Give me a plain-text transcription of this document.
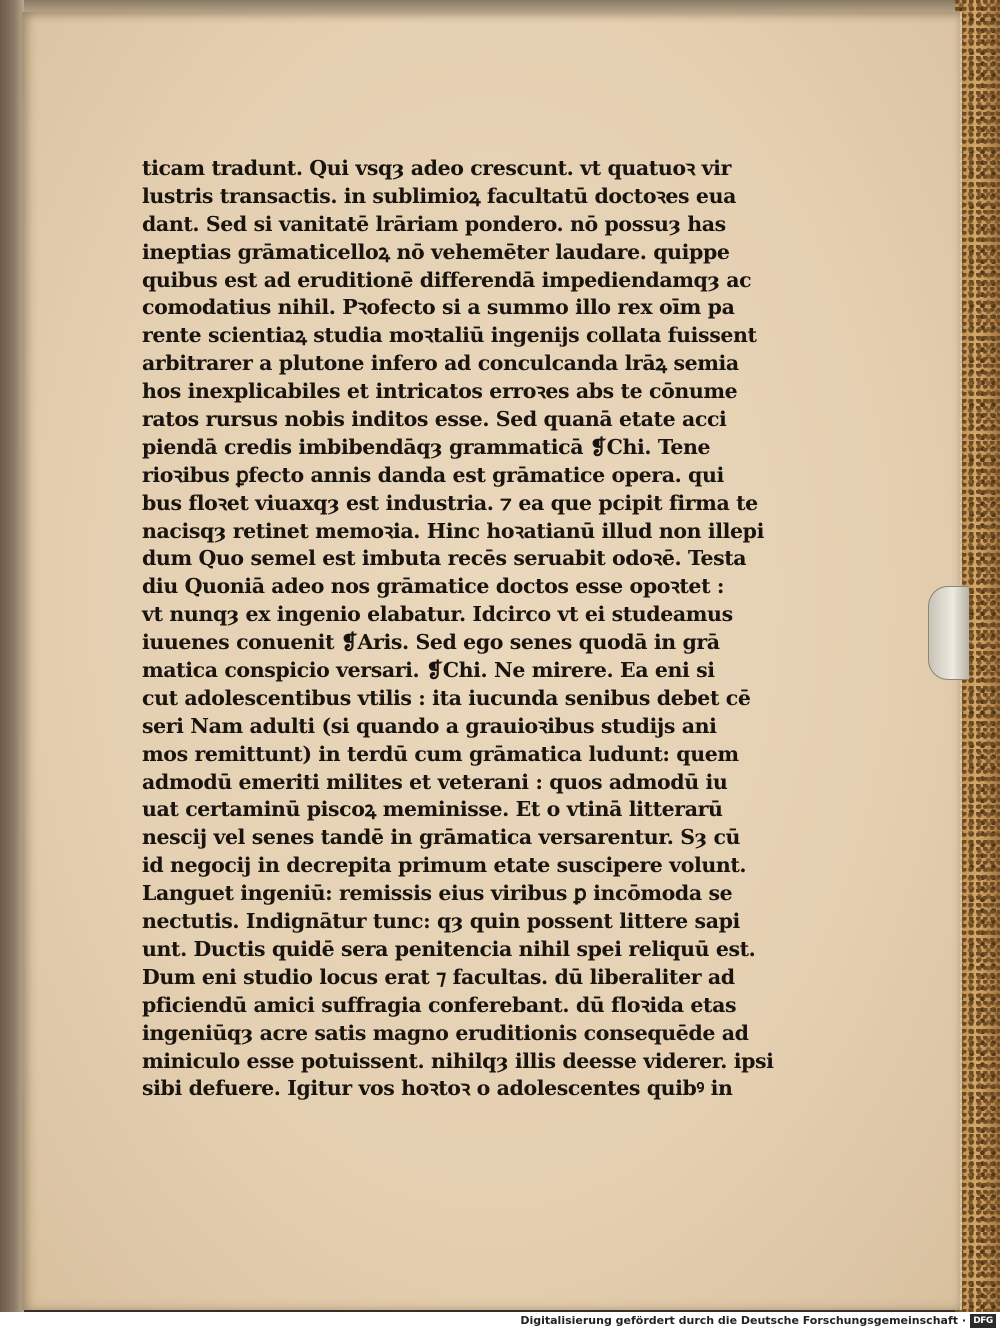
ticam tradunt. Qui vsqȝ adeo crescunt. vt quatuoꝛ vir
lustris transactis. in sublimioꝝ facultatū doctoꝛes eua
dant. Sed si vanitatē lrāriam pondero. nō possuȝ has
ineptias grāmaticelloꝝ nō vehemēter laudare. quippe
quibus est ad eruditionē differendā impediendamqȝ ac
comodatius nihil. Pꝛofecto si a summo illo rex oīm pa
rente scientiaꝝ studia moꝛtaliū ingenijs collata fuissent
arbitrarer a plutone infero ad conculcanda lrāꝝ semia
hos inexplicabiles et intricatos erroꝛes abs te cōnume
ratos rursus nobis inditos esse. Sed quanā etate acci
piendā credis imbibendāqȝ grammaticā ❡Chi. Tene
rioꝛibus ꝑfecto annis danda est grāmatice opera. qui
bus floꝛet viuaxqȝ est industria. ⁊ ea que pcipit firma te
nacisqȝ retinet memoꝛia. Hinc hoꝛatianū illud non illepi
dum Quo semel est imbuta recēs seruabit odoꝛē. Testa
diu Quoniā adeo nos grāmatice doctos esse opoꝛtet :
vt nunqȝ ex ingenio elabatur. Idcirco vt ei studeamus
iuuenes conuenit ❡Aris. Sed ego senes quodā in grā
matica conspicio versari. ❡Chi. Ne mirere. Ea eni si
cut adolescentibus vtilis : ita iucunda senibus debet cē
seri Nam adulti (si quando a grauioꝛibus studijs ani
mos remittunt) in terdū cum grāmatica ludunt: quem
admodū emeriti milites et veterani : quos admodū iu
uat certaminū piscoꝝ meminisse. Et o vtinā litterarū
nescij vel senes tandē in grāmatica versarentur. Sȝ cū
id negocij in decrepita primum etate suscipere volunt.
Languet ingeniū: remissis eius viribus ꝑ incōmoda se
nectutis. Indignātur tunc: qȝ quin possent littere sapi
unt. Ductis quidē sera penitencia nihil spei reliquū est.
Dum eni studio locus erat ⁊ facultas. dū liberaliter ad
pficiendū amici suffragia conferebant. dū floꝛida etas
ingeniūqȝ acre satis magno eruditionis consequēde ad
miniculo esse potuissent. nihilqȝ illis deesse viderer. ipsi
sibi defuere. Igitur vos hoꝛtoꝛ o adolescentes quibꝰ in
Digitalisierung gefördert durch die Deutsche Forschungsgemeinschaft · DFG
